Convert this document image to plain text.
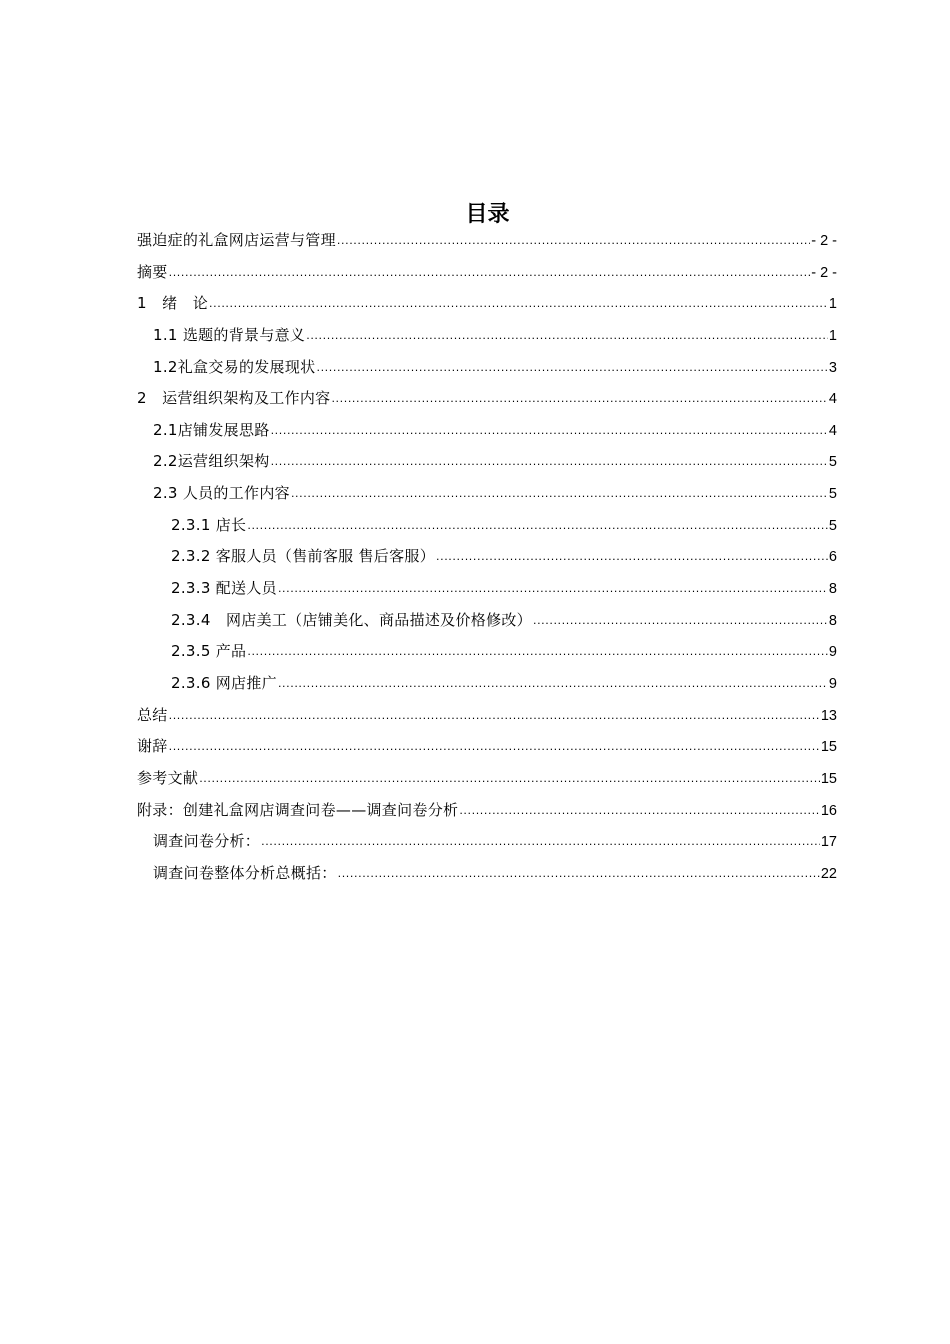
目录
强迫症的礼盒网店运营与管理 .....	- 2 -
摘要 .....	- 2 -
1　绪　论 .....	1
1.1 选题的背景与意义 .....	1
1.2礼盒交易的发展现状 .....	3
2　运营组织架构及工作内容 .....	4
2.1店铺发展思路 .....	4
2.2运营组织架构 .....	5
2.3 人员的工作内容 .....	5
2.3.1 店长 .....	5
2.3.2 客服人员（售前客服 售后客服） .....	6
2.3.3 配送人员 .....	8
2.3.4　网店美工（店铺美化、商品描述及价格修改） .....	8
2.3.5 产品 .....	9
2.3.6 网店推广 .....	9
总结 .....	13
谢辞 .....	15
参考文献 .....	15
附录：创建礼盒网店调查问卷——调查问卷分析 .....	16
调查问卷分析： .....	17
调查问卷整体分析总概括： .....	22
